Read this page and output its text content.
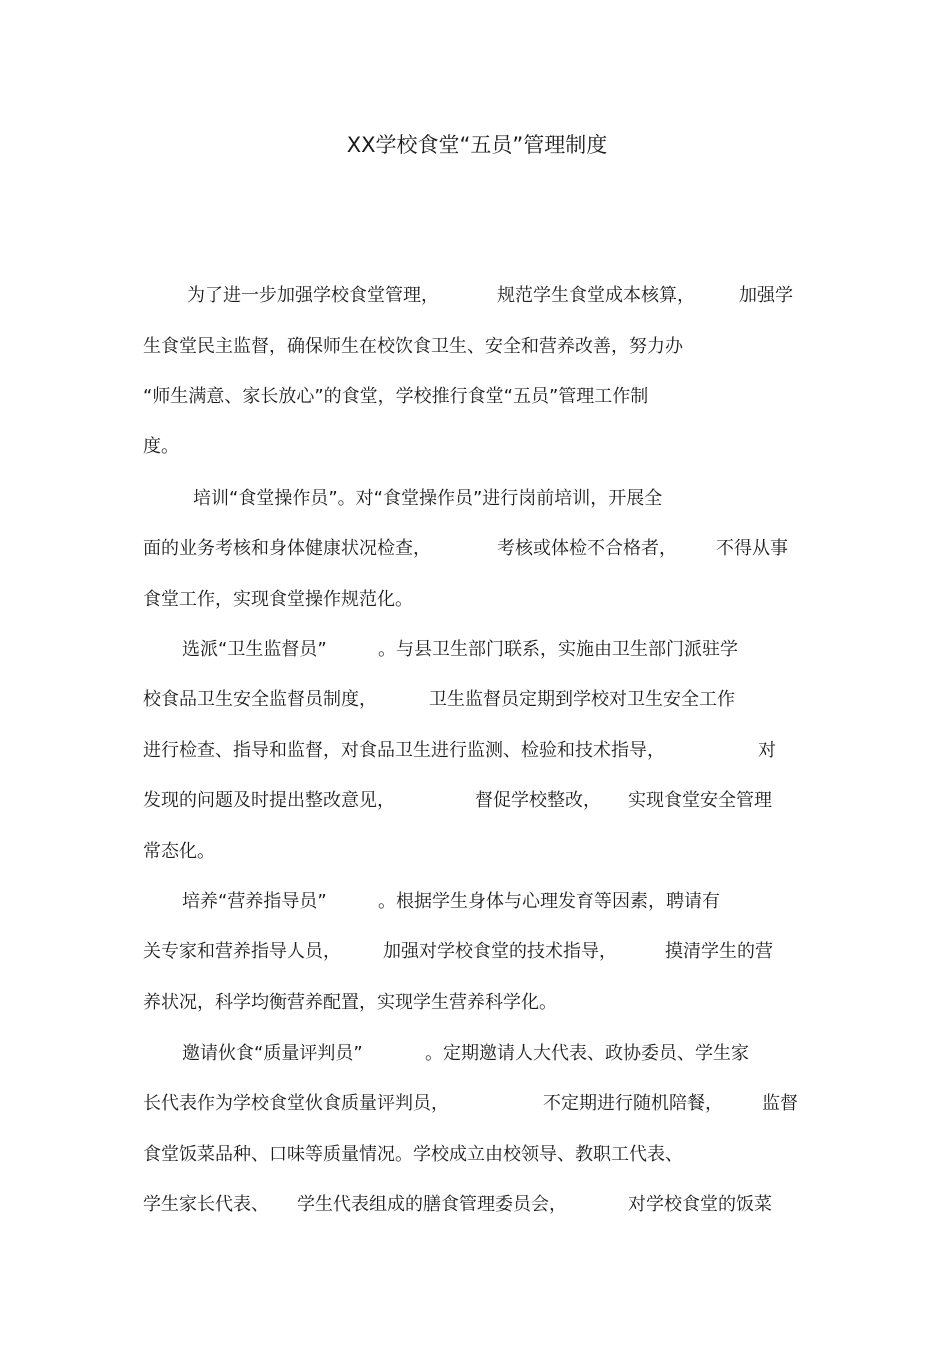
XX学校食堂“五员”管理制度

为了进一步加强学校食堂管理，	规范学生食堂成本核算， 加强学

生食堂民主监督，确保师生在校饮食卫生、安全和营养改善，努力办

“师生满意、家长放心”的食堂，学校推行食堂“五员”管理工作制

度。

培训“食堂操作员”。对“食堂操作员”进行岗前培训，开展全

面的业务考核和身体健康状况检查，	考核或体检不合格者， 不得从事

食堂工作，实现食堂操作规范化。

选派“卫生监督员”	。与县卫生部门联系，实施由卫生部门派驻学

校食品卫生安全监督员制度，	卫生监督员定期到学校对卫生安全工作

进行检查、指导和监督，对食品卫生进行监测、检验和技术指导，	对

发现的问题及时提出整改意见，	督促学校整改， 实现食堂安全管理

常态化。

培养“营养指导员”	。根据学生身体与心理发育等因素，聘请有

关专家和营养指导人员， 加强对学校食堂的技术指导，	摸清学生的营

养状况，科学均衡营养配置，实现学生营养科学化。

邀请伙食“质量评判员”	。定期邀请人大代表、政协委员、学生家

长代表作为学校食堂伙食质量评判员，	不定期进行随机陪餐， 监督

食堂饭菜品种、口味等质量情况。学校成立由校领导、教职工代表、

学生家长代表、 学生代表组成的膳食管理委员会，	对学校食堂的饭菜
